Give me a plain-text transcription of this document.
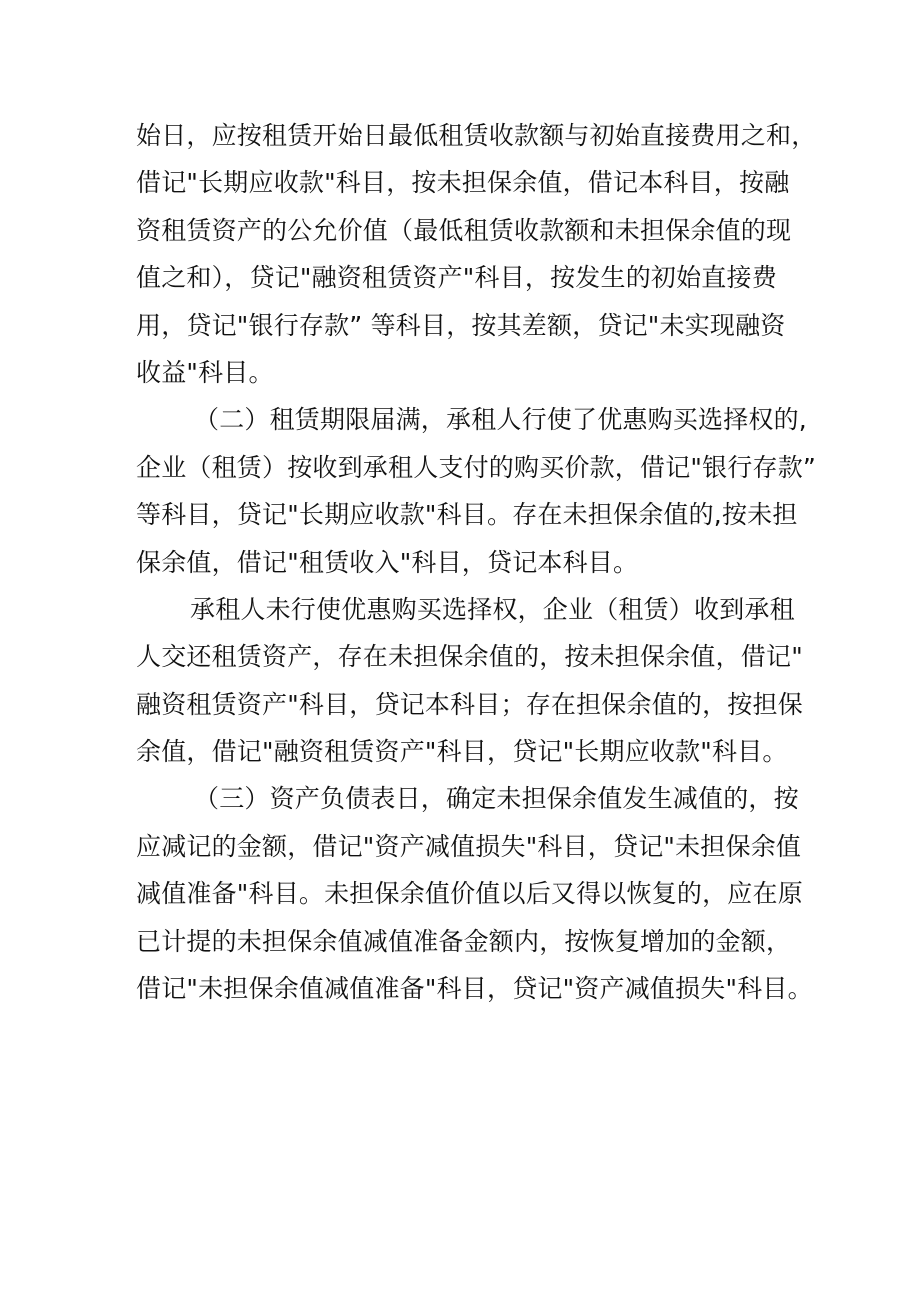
始日，应按租赁开始日最低租赁收款额与初始直接费用之和，
借记"长期应收款"科目，按未担保余值，借记本科目，按融
资租赁资产的公允价值（最低租赁收款额和未担保余值的现
值之和），贷记"融资租赁资产"科目，按发生的初始直接费
用，贷记"银行存款” 等科目，按其差额，贷记"未实现融资
收益"科目。
（二）租赁期限届满，承租人行使了优惠购买选择权的,
企业（租赁）按收到承租人支付的购买价款，借记"银行存款”
等科目，贷记"长期应收款"科目。存在未担保余值的,按未担
保余值，借记"租赁收入"科目，贷记本科目。
承租人未行使优惠购买选择权，企业（租赁）收到承租
人交还租赁资产，存在未担保余值的，按未担保余值，借记"
融资租赁资产"科目，贷记本科目；存在担保余值的，按担保
余值，借记"融资租赁资产"科目，贷记"长期应收款"科目。
（三）资产负债表日，确定未担保余值发生减值的，按
应减记的金额，借记"资产减值损失"科目，贷记"未担保余值
减值准备"科目。未担保余值价值以后又得以恢复的，应在原
已计提的未担保余值减值准备金额内，按恢复增加的金额，
借记"未担保余值减值准备"科目，贷记"资产减值损失"科目。
